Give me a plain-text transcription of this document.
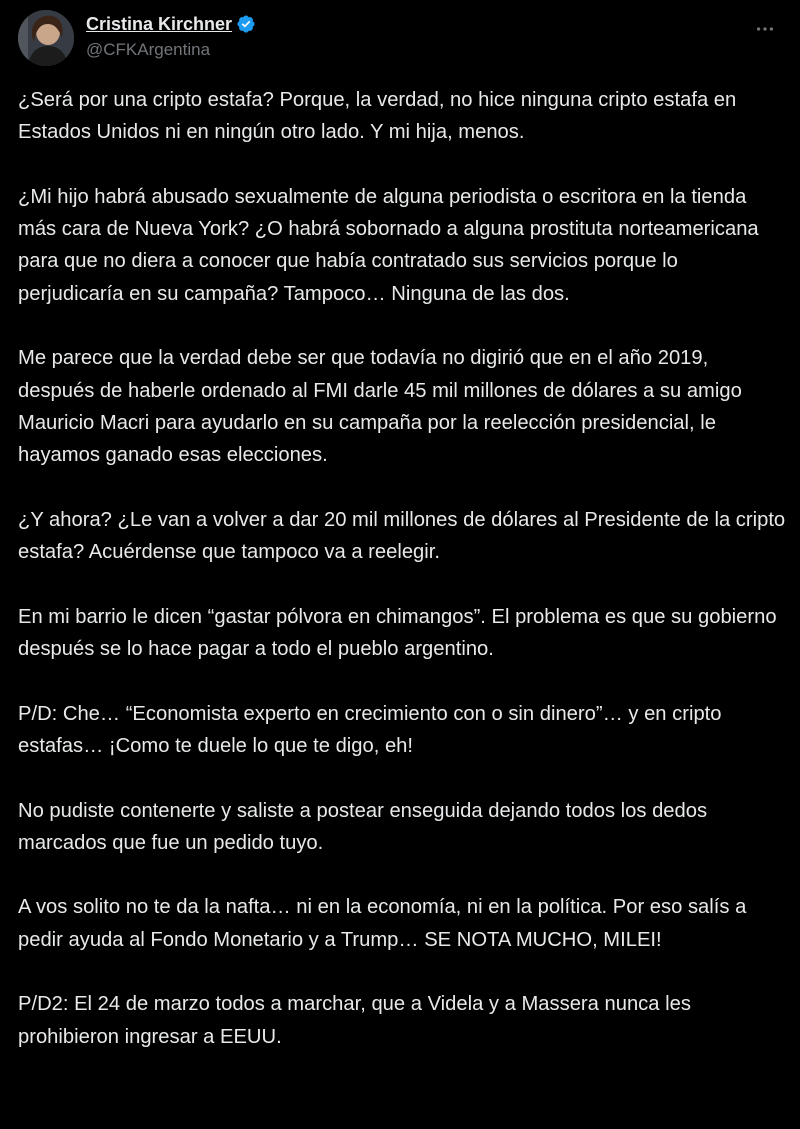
Cristina Kirchner
@CFKArgentina

¿Será por una cripto estafa? Porque, la verdad, no hice ninguna cripto estafa en Estados Unidos ni en ningún otro lado. Y mi hija, menos.

¿Mi hijo habrá abusado sexualmente de alguna periodista o escritora en la tienda más cara de Nueva York? ¿O habrá sobornado a alguna prostituta norteamericana para que no diera a conocer que había contratado sus servicios porque lo perjudicaría en su campaña? Tampoco… Ninguna de las dos.

Me parece que la verdad debe ser que todavía no digirió que en el año 2019, después de haberle ordenado al FMI darle 45 mil millones de dólares a su amigo Mauricio Macri para ayudarlo en su campaña por la reelección presidencial, le hayamos ganado esas elecciones.

¿Y ahora? ¿Le van a volver a dar 20 mil millones de dólares al Presidente de la cripto estafa? Acuérdense que tampoco va a reelegir.

En mi barrio le dicen “gastar pólvora en chimangos”. El problema es que su gobierno después se lo hace pagar a todo el pueblo argentino.

P/D: Che… “Economista experto en crecimiento con o sin dinero”… y en cripto estafas… ¡Como te duele lo que te digo, eh!

No pudiste contenerte y saliste a postear enseguida dejando todos los dedos marcados que fue un pedido tuyo.

A vos solito no te da la nafta… ni en la economía, ni en la política. Por eso salís a pedir ayuda al Fondo Monetario y a Trump… SE NOTA MUCHO, MILEI!

P/D2: El 24 de marzo todos a marchar, que a Videla y a Massera nunca les prohibieron ingresar a EEUU.
